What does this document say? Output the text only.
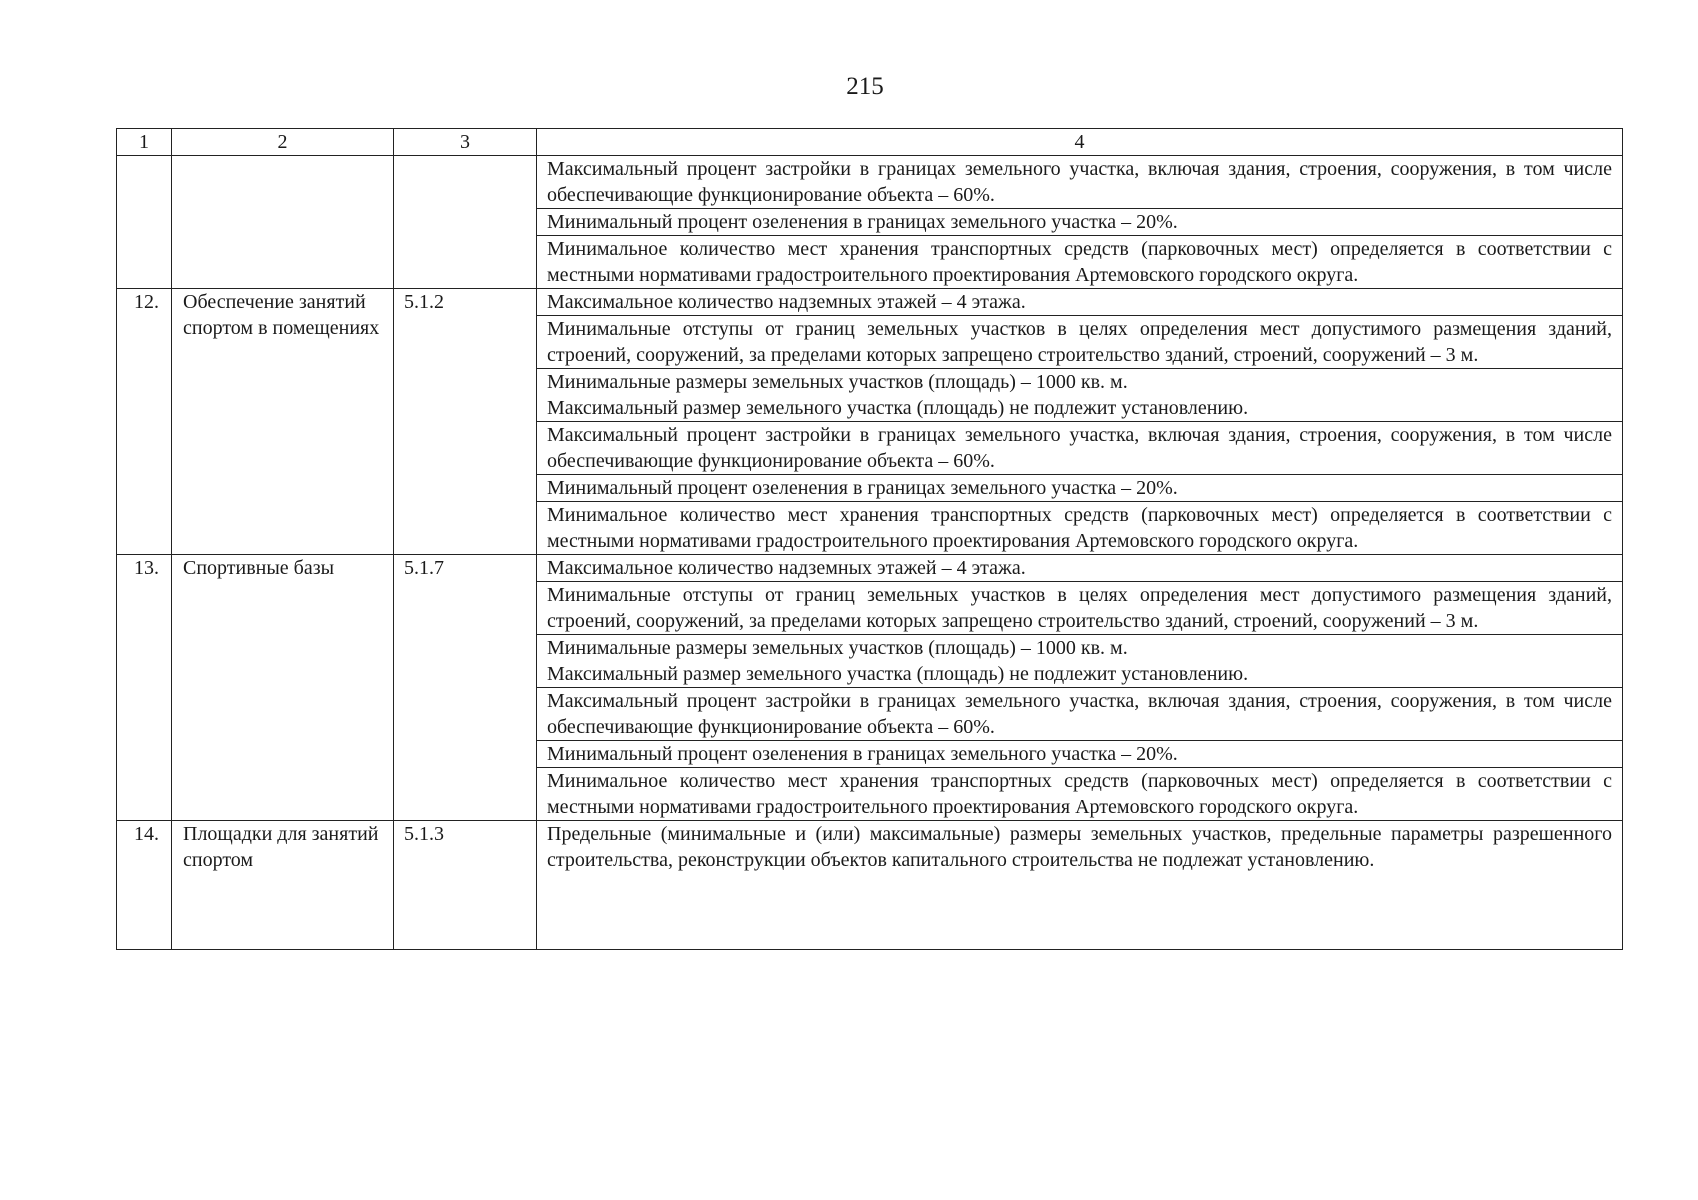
215
1	2	3	4

			Максимальный процент застройки в границах земельного участка, включая здания, строения, сооружения, в том числе обеспечивающие функционирование объекта – 60%.

			Минимальный процент озеленения в границах земельного участка – 20%.

			Минимальное количество мест хранения транспортных средств (парковочных мест) определяется в соответствии с местными нормативами градостроительного проектирования Артемовского городского округа.

12.	Обеспечение занятий спортом в помещениях	5.1.2	Максимальное количество надземных этажей – 4 этажа.

			Минимальные отступы от границ земельных участков в целях определения мест допустимого размещения зданий, строений, сооружений, за пределами которых запрещено строительство зданий, строений, сооружений – 3 м.

			Минимальные размеры земельных участков (площадь) – 1000 кв. м.
Максимальный размер земельного участка (площадь) не подлежит установлению.

			Максимальный процент застройки в границах земельного участка, включая здания, строения, сооружения, в том числе обеспечивающие функционирование объекта – 60%.

			Минимальный процент озеленения в границах земельного участка – 20%.

			Минимальное количество мест хранения транспортных средств (парковочных мест) определяется в соответствии с местными нормативами градостроительного проектирования Артемовского городского округа.

13.	Спортивные базы	5.1.7	Максимальное количество надземных этажей – 4 этажа.

			Минимальные отступы от границ земельных участков в целях определения мест допустимого размещения зданий, строений, сооружений, за пределами которых запрещено строительство зданий, строений, сооружений – 3 м.

			Минимальные размеры земельных участков (площадь) – 1000 кв. м.
Максимальный размер земельного участка (площадь) не подлежит установлению.

			Максимальный процент застройки в границах земельного участка, включая здания, строения, сооружения, в том числе обеспечивающие функционирование объекта – 60%.

			Минимальный процент озеленения в границах земельного участка – 20%.

			Минимальное количество мест хранения транспортных средств (парковочных мест) определяется в соответствии с местными нормативами градостроительного проектирования Артемовского городского округа.

14.	Площадки для занятий спортом	5.1.3	Предельные (минимальные и (или) максимальные) размеры земельных участков, предельные параметры разрешенного строительства, реконструкции объектов капитального строительства не подлежат установлению.
